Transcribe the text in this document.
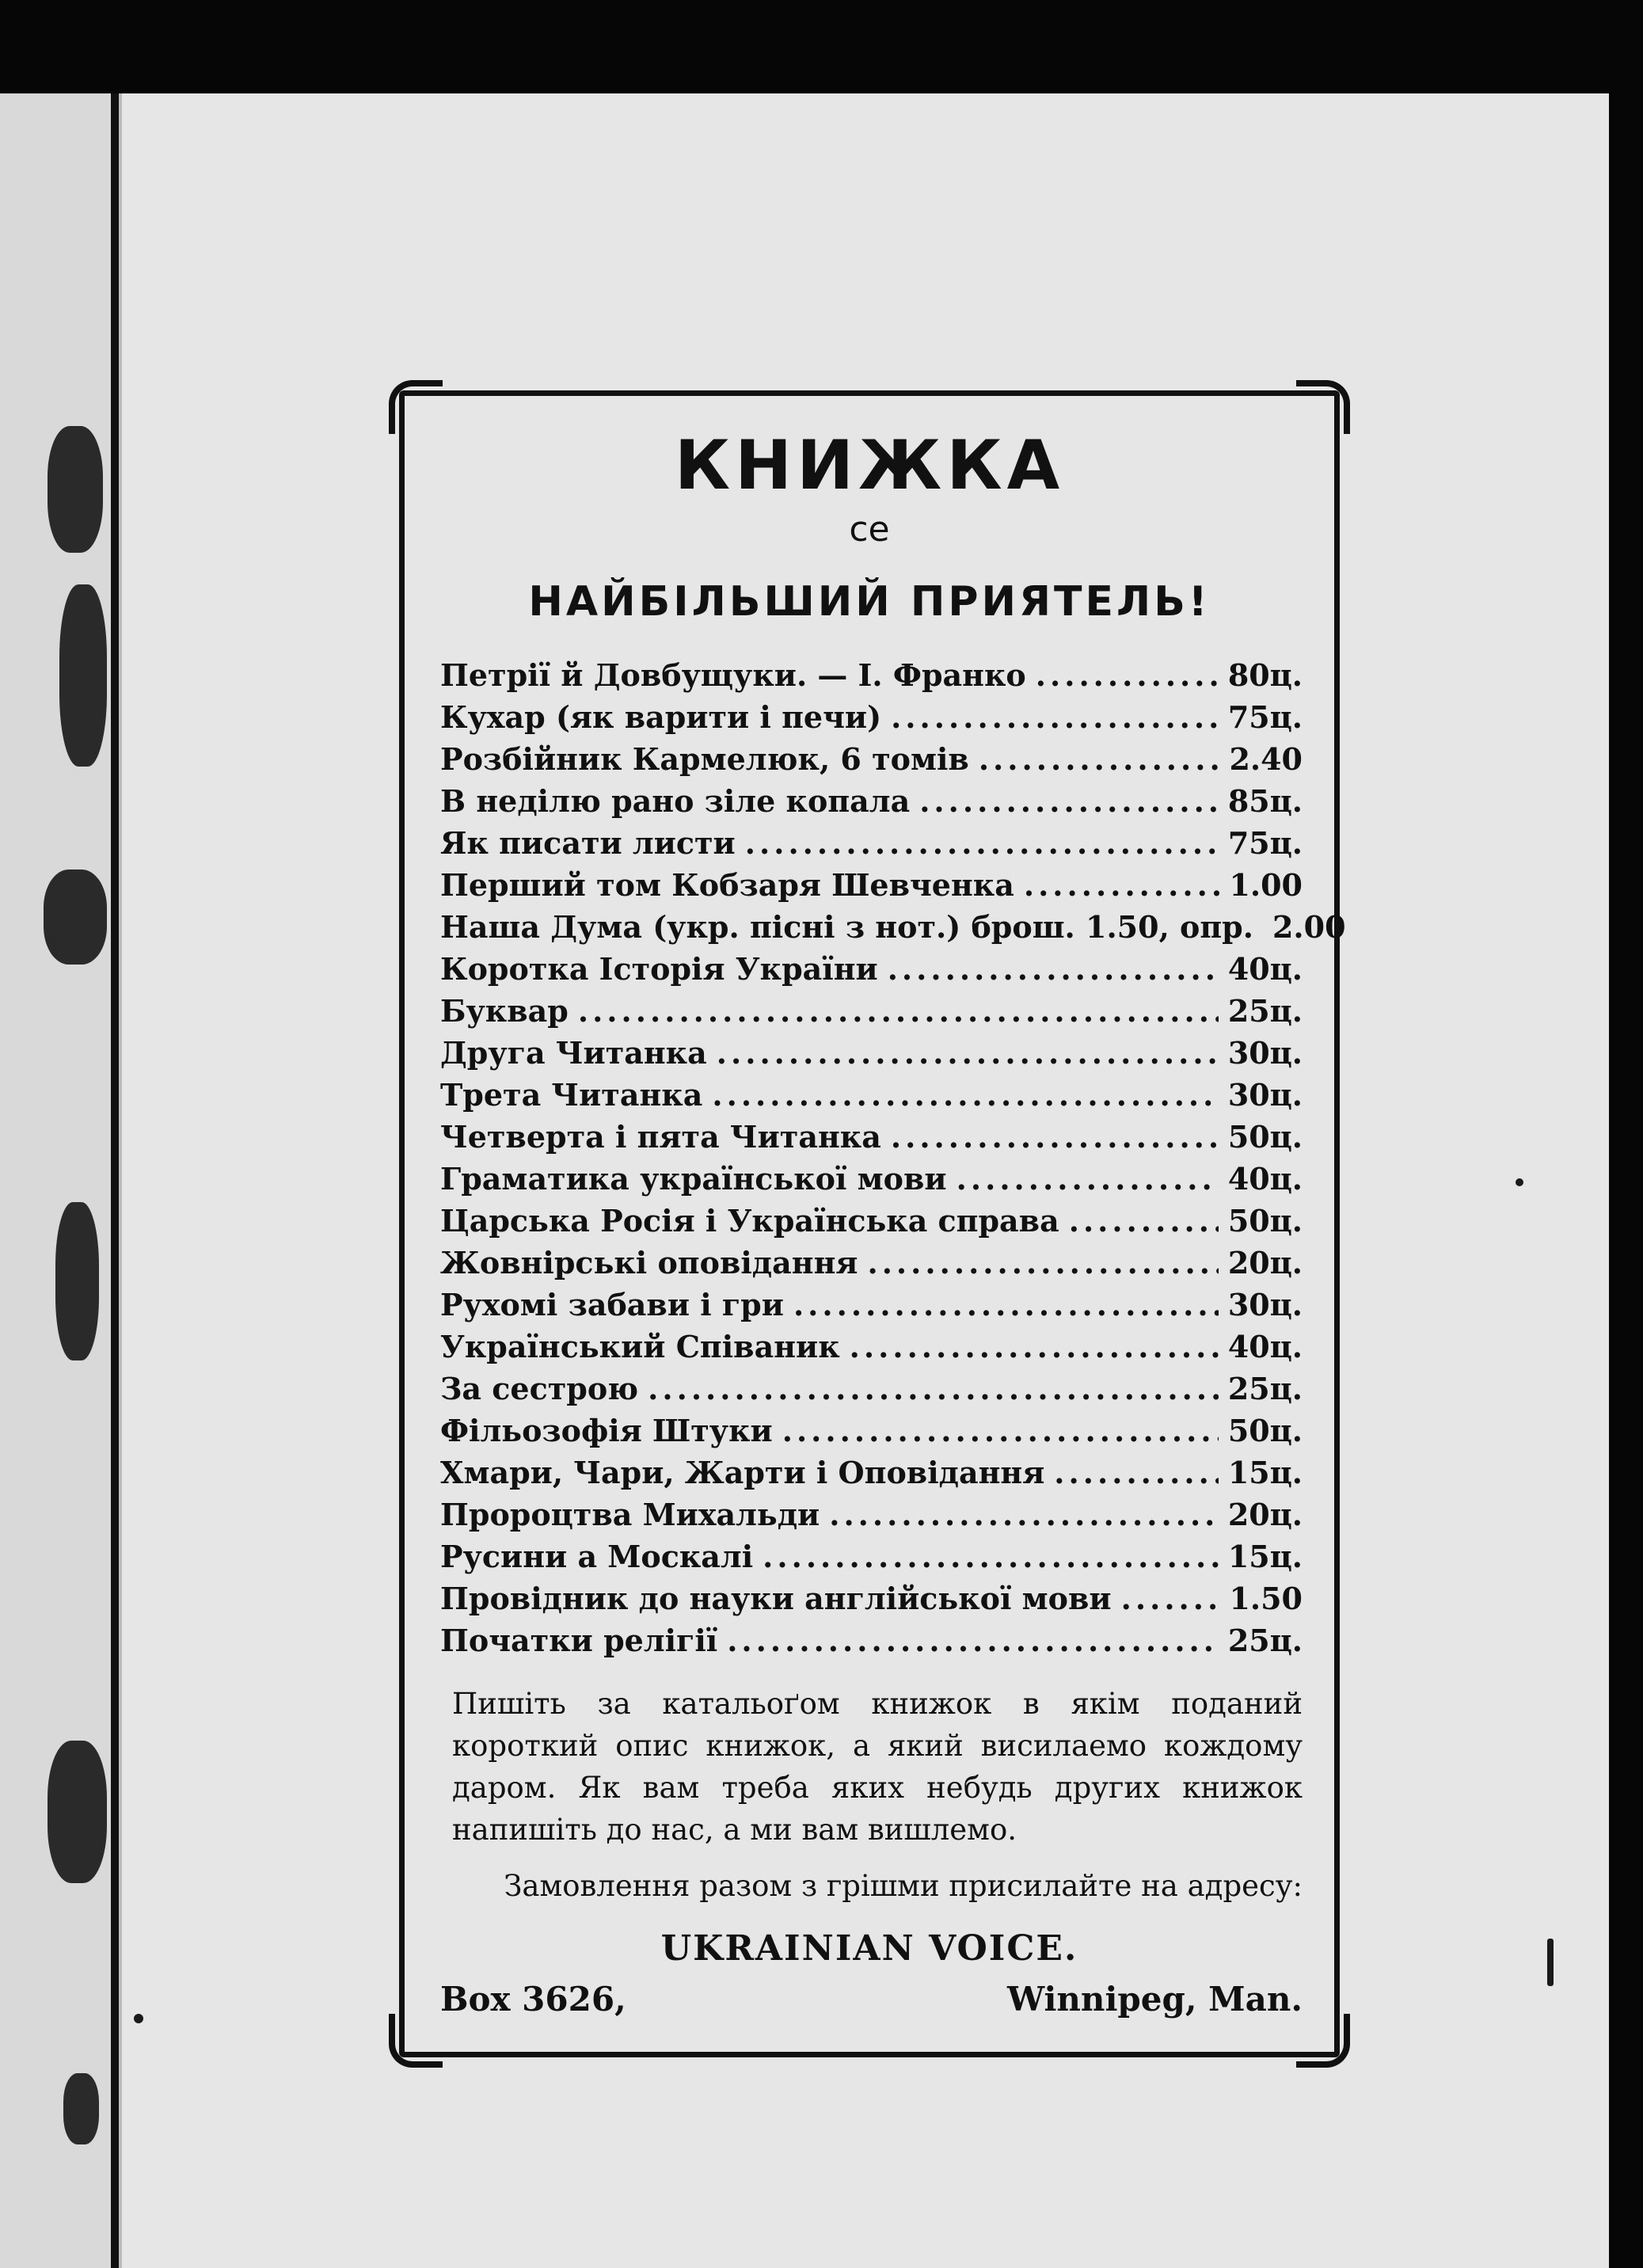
КНИЖКА
се
НАЙБІЛЬШИЙ ПРИЯТЕЛЬ!
Петрії й Довбущуки. — І. Франко .....	80ц.
Кухар (як варити і печи) .....	75ц.
Розбійник Кармелюк, 6 томів .....	2.40
В неділю рано зіле копала .....	85ц.
Як писати листи .....	75ц.
Перший том Кобзаря Шевченка .....	1.00
Наша Дума (укр. пісні з нот.) брош. 1.50, опр. 2.00
Коротка Історія України .....	40ц.
Буквар .....	25ц.
Друга Читанка .....	30ц.
Трета Читанка .....	30ц.
Четверта і пята Читанка .....	50ц.
Граматика української мови .....	40ц.
Царська Росія і Українська справа .....	50ц.
Жовнірські оповідання .....	20ц.
Рухомі забави і гри .....	30ц.
Український Співаник .....	40ц.
За сестрою .....	25ц.
Фільозофія Штуки .....	50ц.
Хмари, Чари, Жарти і Оповідання .....	15ц.
Пророцтва Михальди .....	20ц.
Русини а Москалі .....	15ц.
Провідник до науки англійської мови .....	1.50
Початки релігії .....	25ц.
Пишіть за катальоґом книжок в якім поданий короткий опис книжок, а який висилаемо кождому даром. Як вам треба яких небудь других книжок напишіть до нас, а ми вам вишлемо.
Замовлення разом з грішми присилайте на адресу:
UKRAINIAN VOICE.
Box 3626,	Winnipeg, Man.
